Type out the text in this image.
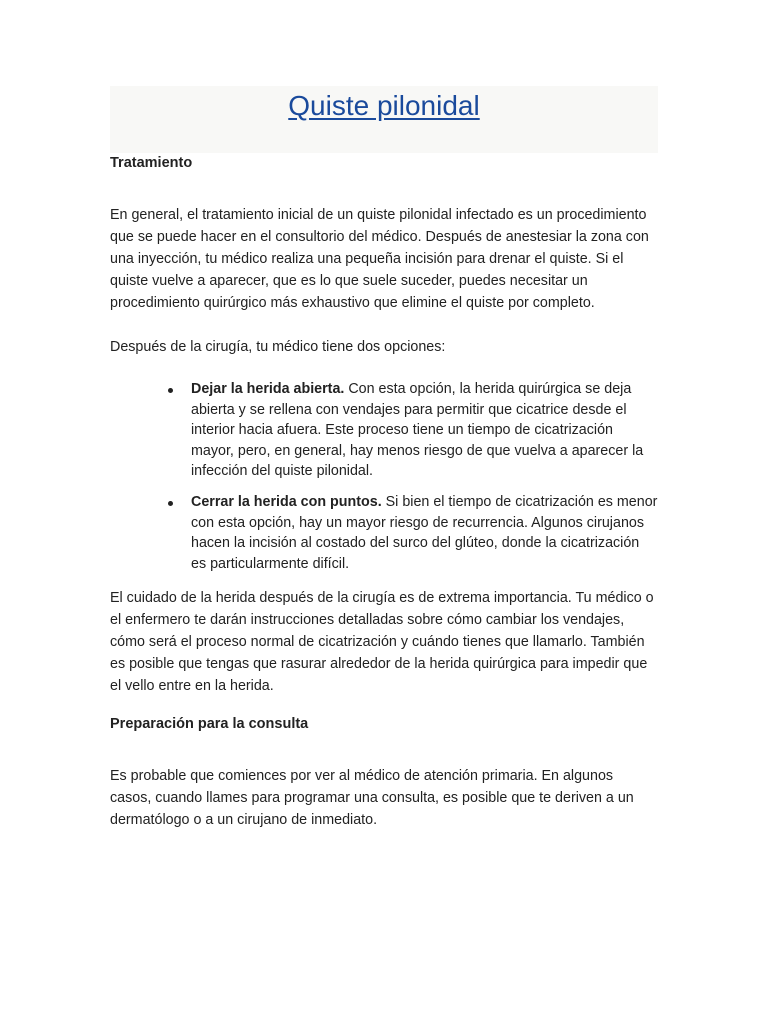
Quiste pilonidal
Tratamiento

En general, el tratamiento inicial de un quiste pilonidal infectado es un procedimiento que se puede hacer en el consultorio del médico. Después de anestesiar la zona con una inyección, tu médico realiza una pequeña incisión para drenar el quiste. Si el quiste vuelve a aparecer, que es lo que suele suceder, puedes necesitar un procedimiento quirúrgico más exhaustivo que elimine el quiste por completo.

Después de la cirugía, tu médico tiene dos opciones:

Dejar la herida abierta. Con esta opción, la herida quirúrgica se deja abierta y se rellena con vendajes para permitir que cicatrice desde el interior hacia afuera. Este proceso tiene un tiempo de cicatrización mayor, pero, en general, hay menos riesgo de que vuelva a aparecer la infección del quiste pilonidal.
Cerrar la herida con puntos. Si bien el tiempo de cicatrización es menor con esta opción, hay un mayor riesgo de recurrencia. Algunos cirujanos hacen la incisión al costado del surco del glúteo, donde la cicatrización es particularmente difícil.

El cuidado de la herida después de la cirugía es de extrema importancia. Tu médico o el enfermero te darán instrucciones detalladas sobre cómo cambiar los vendajes, cómo será el proceso normal de cicatrización y cuándo tienes que llamarlo. También es posible que tengas que rasurar alrededor de la herida quirúrgica para impedir que el vello entre en la herida.

Preparación para la consulta

Es probable que comiences por ver al médico de atención primaria. En algunos casos, cuando llames para programar una consulta, es posible que te deriven a un dermatólogo o a un cirujano de inmediato.
